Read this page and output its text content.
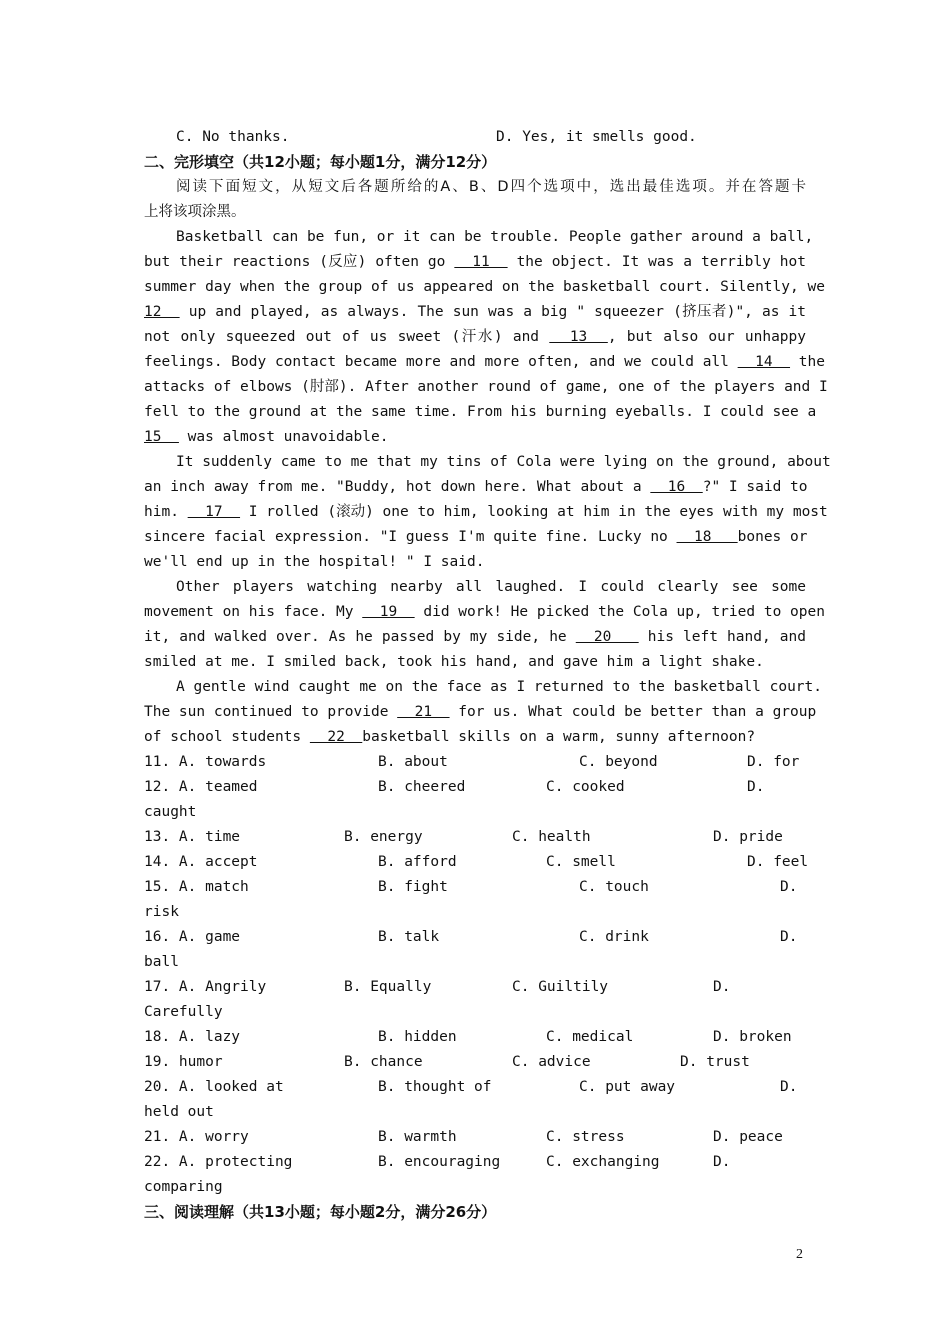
C. No thanks.	D. Yes, it smells good.
二、完形填空（共12小题；每小题1分，满分12分）
阅读下面短文，从短文后各题所给的A、B、D四个选项中，选出最佳选项。并在答题卡
上将该项涂黑。
Basketball can be fun, or it can be trouble. People gather around a ball,
but their reactions (反应) often go   11   the object. It was a terribly hot
summer day when the group of us appeared on the basketball court. Silently, we
12   up and played, as always. The sun was a big " squeezer (挤压者)", as it
not only squeezed out of us sweet (汗水) and   13  , but also our unhappy
feelings. Body contact became more and more often, and we could all   14   the
attacks of elbows (肘部). After another round of game, one of the players and I
fell to the ground at the same time. From his burning eyeballs. I could see a
15   was almost unavoidable.
It suddenly came to me that my tins of Cola were lying on the ground, about
an inch away from me. "Buddy, hot down here. What about a   16  ?" I said to
him.   17   I rolled (滚动) one to him, looking at him in the eyes with my most
sincere facial expression. "I guess I'm quite fine. Lucky no   18   bones or
we'll end up in the hospital! " I said.
Other players watching nearby all laughed. I could clearly see some
movement on his face. My   19   did work! He picked the Cola up, tried to open
it, and walked over. As he passed by my side, he   20    his left hand, and
smiled at me. I smiled back, took his hand, and gave him a light shake.
A gentle wind caught me on the face as I returned to the basketball court.
The sun continued to provide   21   for us. What could be better than a group
of school students   22  basketball skills on a warm, sunny afternoon?
11. A. towards	B. about	C. beyond	D. for
12. A. teamed	B. cheered	C. cooked	D.
caught
13. A. time	B. energy	C. health	D. pride
14. A. accept	B. afford	C. smell	D. feel
15. A. match	B. fight	C. touch	D.
risk
16. A. game	B. talk	C. drink	D.
ball
17. A. Angrily	B. Equally	C. Guiltily	D.
Carefully
18. A. lazy	B. hidden	C. medical	D. broken
19. humor	B. chance	C. advice	D. trust
20. A. looked at	B. thought of	C. put away	D.
held out
21. A. worry	B. warmth	C. stress	D. peace
22. A. protecting	B. encouraging	C. exchanging	D.
comparing
三、阅读理解（共13小题；每小题2分，满分26分）
2
